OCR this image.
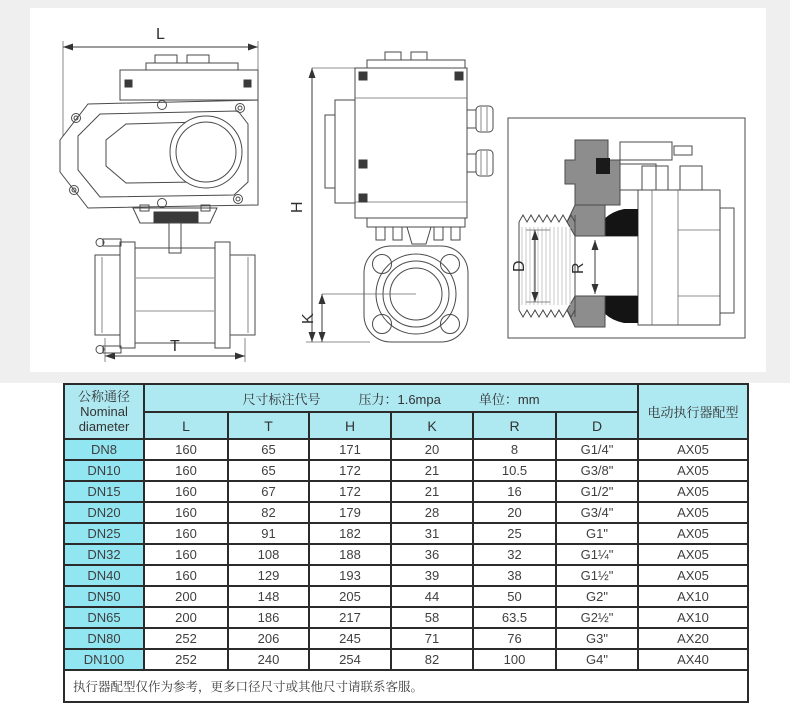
L
T
H
K
D	R
公称通径
Nominal
diameter

尺寸标注代号	压力：1.6mpa	单位：mm
	电动执行器配型
	L	T	H	K	R	D	
DN8	160	65	171	20	8	G1/4"	AX05
DN10	160	65	172	21	10.5	G3/8"	AX05
DN15	160	67	172	21	16	G1/2"	AX05
DN20	160	82	179	28	20	G3/4"	AX05
DN25	160	91	182	31	25	G1"	AX05
DN32	160	108	188	36	32	G1¼"	AX05
DN40	160	129	193	39	38	G1½"	AX05
DN50	200	148	205	44	50	G2"	AX10
DN65	200	186	217	58	63.5	G2½"	AX10
DN80	252	206	245	71	76	G3"	AX20
DN100	252	240	254	82	100	G4"	AX40
执行器配型仅作为参考，更多口径尺寸或其他尺寸请联系客服。							
